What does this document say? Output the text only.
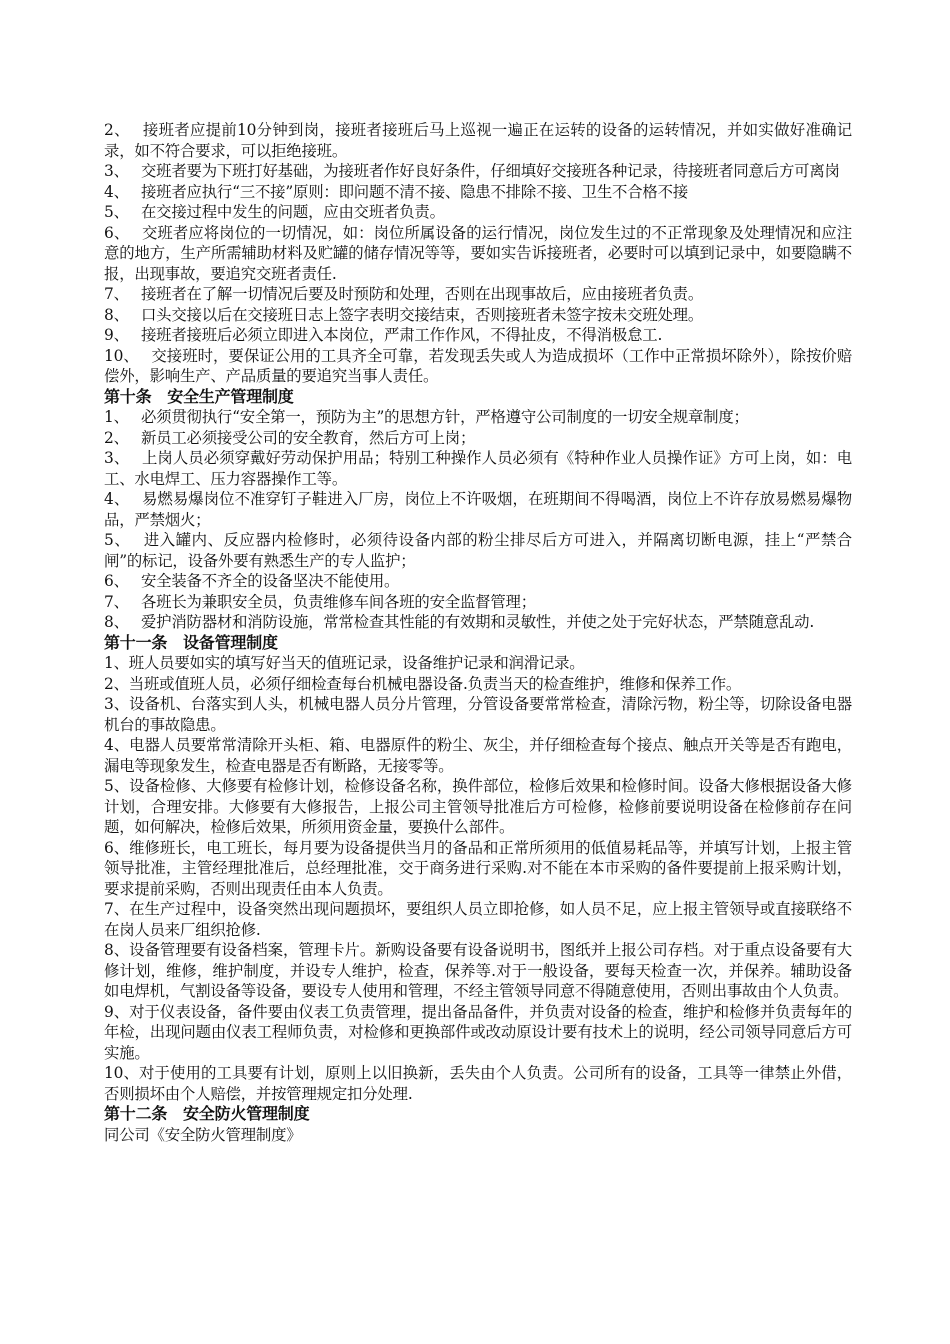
2、　 接班者应提前10分钟到岗，接班者接班后马上巡视一遍正在运转的设备的运转情况，并如实做好准确记录，如不符合要求，可以拒绝接班。

3、　 交班者要为下班打好基础，为接班者作好良好条件，仔细填好交接班各种记录，待接班者同意后方可离岗

4、　 接班者应执行“三不接”原则：即问题不清不接、隐患不排除不接、卫生不合格不接

5、　 在交接过程中发生的问题，应由交班者负责。

6、　 交班者应将岗位的一切情况，如：岗位所属设备的运行情况，岗位发生过的不正常现象及处理情况和应注意的地方，生产所需辅助材料及贮罐的储存情况等等，要如实告诉接班者，必要时可以填到记录中，如要隐瞒不报，出现事故，要追究交班者责任.

7、　 接班者在了解一切情况后要及时预防和处理，否则在出现事故后，应由接班者负责。

8、　 口头交接以后在交接班日志上签字表明交接结束，否则接班者未签字按未交班处理。

9、　 接班者接班后必须立即进入本岗位，严肃工作作风，不得扯皮，不得消极怠工.

10、　 交接班时，要保证公用的工具齐全可靠，若发现丢失或人为造成损坏（工作中正常损坏除外），除按价赔偿外，影响生产、产品质量的要追究当事人责任。

第十条　安全生产管理制度

1、　 必须贯彻执行“安全第一，预防为主”的思想方针，严格遵守公司制度的一切安全规章制度；

2、　 新员工必须接受公司的安全教育，然后方可上岗；

3、　 上岗人员必须穿戴好劳动保护用品；特别工种操作人员必须有《特种作业人员操作证》方可上岗，如：电工、水电焊工、压力容器操作工等。

4、　 易燃易爆岗位不准穿钉子鞋进入厂房，岗位上不许吸烟，在班期间不得喝酒，岗位上不许存放易燃易爆物品，严禁烟火；

5、　 进入罐内、反应器内检修时，必须待设备内部的粉尘排尽后方可进入，并隔离切断电源，挂上“严禁合闸”的标记，设备外要有熟悉生产的专人监护；

6、　 安全装备不齐全的设备坚决不能使用。

7、　 各班长为兼职安全员，负责维修车间各班的安全监督管理；

8、　 爱护消防器材和消防设施，常常检查其性能的有效期和灵敏性，并使之处于完好状态，严禁随意乱动.

第十一条　设备管理制度

1、班人员要如实的填写好当天的值班记录，设备维护记录和润滑记录。

2、当班或值班人员，必须仔细检查每台机械电器设备.负责当天的检查维护，维修和保养工作。

3、设备机、台落实到人头，机械电器人员分片管理，分管设备要常常检查，清除污物，粉尘等，切除设备电器机台的事故隐患。

4、电器人员要常常清除开头柜、箱、电器原件的粉尘、灰尘，并仔细检查每个接点、触点开关等是否有跑电，漏电等现象发生，检查电器是否有断路，无接零等。

5、设备检修、大修要有检修计划，检修设备名称，换件部位，检修后效果和检修时间。设备大修根据设备大修计划，合理安排。大修要有大修报告，上报公司主管领导批准后方可检修，检修前要说明设备在检修前存在问题，如何解决，检修后效果，所须用资金量，要换什么部件。

6、维修班长，电工班长，每月要为设备提供当月的备品和正常所须用的低值易耗品等，并填写计划，上报主管领导批准，主管经理批准后，总经理批准，交于商务进行采购.对不能在本市采购的备件要提前上报采购计划，要求提前采购，否则出现责任由本人负责。

7、在生产过程中，设备突然出现问题损坏，要组织人员立即抢修，如人员不足，应上报主管领导或直接联络不在岗人员来厂组织抢修.

8、设备管理要有设备档案，管理卡片。新购设备要有设备说明书，图纸并上报公司存档。对于重点设备要有大修计划，维修，维护制度，并设专人维护，检查，保养等.对于一般设备，要每天检查一次，并保养。辅助设备如电焊机，气割设备等设备，要设专人使用和管理，不经主管领导同意不得随意使用，否则出事故由个人负责。

9、对于仪表设备，备件要由仪表工负责管理，提出备品备件，并负责对设备的检查，维护和检修并负责每年的年检，出现问题由仪表工程师负责，对检修和更换部件或改动原设计要有技术上的说明，经公司领导同意后方可实施。

10、对于使用的工具要有计划，原则上以旧换新，丢失由个人负责。公司所有的设备，工具等一律禁止外借，否则损坏由个人赔偿，并按管理规定扣分处理.

第十二条　安全防火管理制度

同公司《安全防火管理制度》
